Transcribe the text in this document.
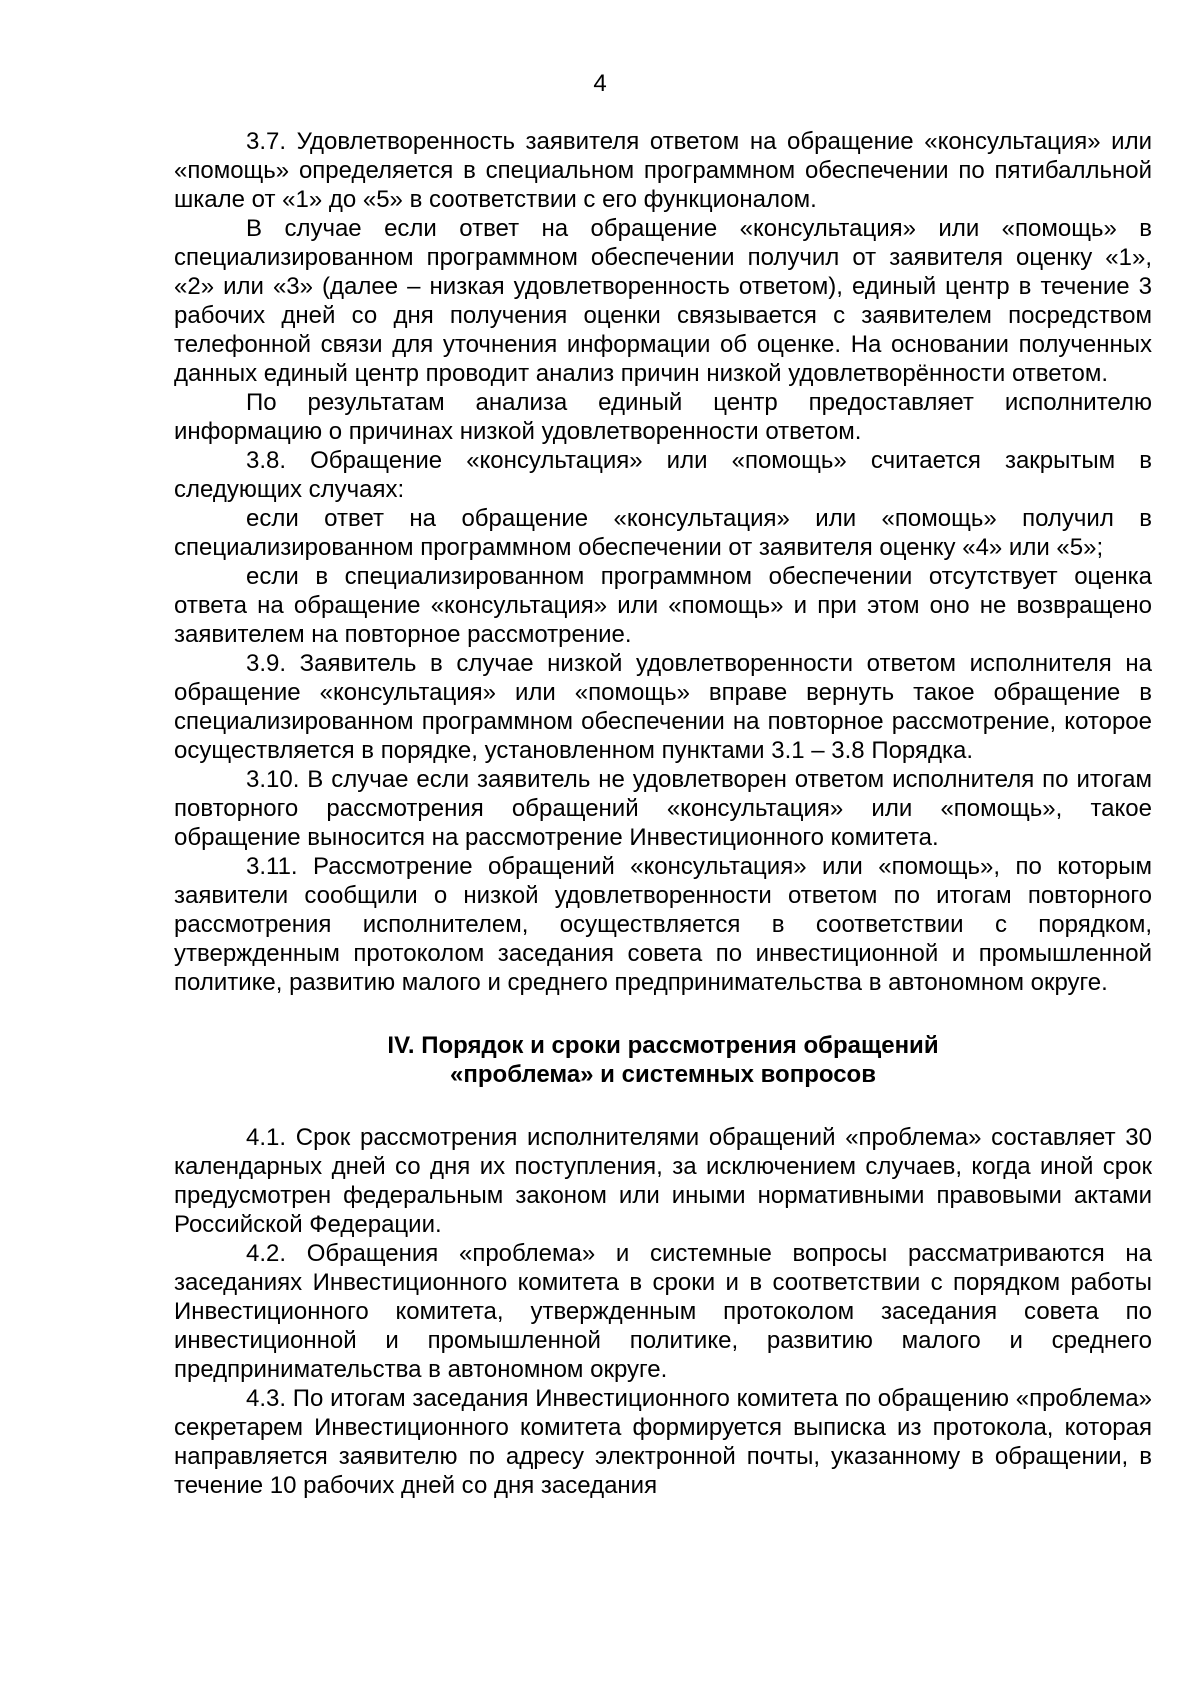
4

3.7. Удовлетворенность заявителя ответом на обращение «консультация» или «помощь» определяется в специальном программном обеспечении по пятибалльной шкале от «1» до «5» в соответствии с его функционалом.

В случае если ответ на обращение «консультация» или «помощь» в специализированном программном обеспечении получил от заявителя оценку «1», «2» или «3» (далее – низкая удовлетворенность ответом), единый центр в течение 3 рабочих дней со дня получения оценки связывается с заявителем посредством телефонной связи для уточнения информации об оценке. На основании полученных данных единый центр проводит анализ причин низкой удовлетворённости ответом.

По результатам анализа единый центр предоставляет исполнителю информацию о причинах низкой удовлетворенности ответом.

3.8. Обращение «консультация» или «помощь» считается закрытым в следующих случаях:

если ответ на обращение «консультация» или «помощь» получил в специализированном программном обеспечении от заявителя оценку «4» или «5»;

если в специализированном программном обеспечении отсутствует оценка ответа на обращение «консультация» или «помощь» и при этом оно не возвращено заявителем на повторное рассмотрение.

3.9. Заявитель в случае низкой удовлетворенности ответом исполнителя на обращение «консультация» или «помощь» вправе вернуть такое обращение в специализированном программном обеспечении на повторное рассмотрение, которое осуществляется в порядке, установленном пунктами 3.1 – 3.8 Порядка.

3.10. В случае если заявитель не удовлетворен ответом исполнителя по итогам повторного рассмотрения обращений «консультация» или «помощь», такое обращение выносится на рассмотрение Инвестиционного комитета.

3.11. Рассмотрение обращений «консультация» или «помощь», по которым заявители сообщили о низкой удовлетворенности ответом по итогам повторного рассмотрения исполнителем, осуществляется в соответствии с порядком, утвержденным протоколом заседания совета по инвестиционной и промышленной политике, развитию малого и среднего предпринимательства в автономном округе.

IV. Порядок и сроки рассмотрения обращений
«проблема» и системных вопросов

4.1. Срок рассмотрения исполнителями обращений «проблема» составляет 30 календарных дней со дня их поступления, за исключением случаев, когда иной срок предусмотрен федеральным законом или иными нормативными правовыми актами Российской Федерации.

4.2. Обращения «проблема» и системные вопросы рассматриваются на заседаниях Инвестиционного комитета в сроки и в соответствии с порядком работы Инвестиционного комитета, утвержденным протоколом заседания совета по инвестиционной и промышленной политике, развитию малого и среднего предпринимательства в автономном округе.

4.3. По итогам заседания Инвестиционного комитета по обращению «проблема» секретарем Инвестиционного комитета формируется выписка из протокола, которая направляется заявителю по адресу электронной почты, указанному в обращении, в течение 10 рабочих дней со дня заседания
